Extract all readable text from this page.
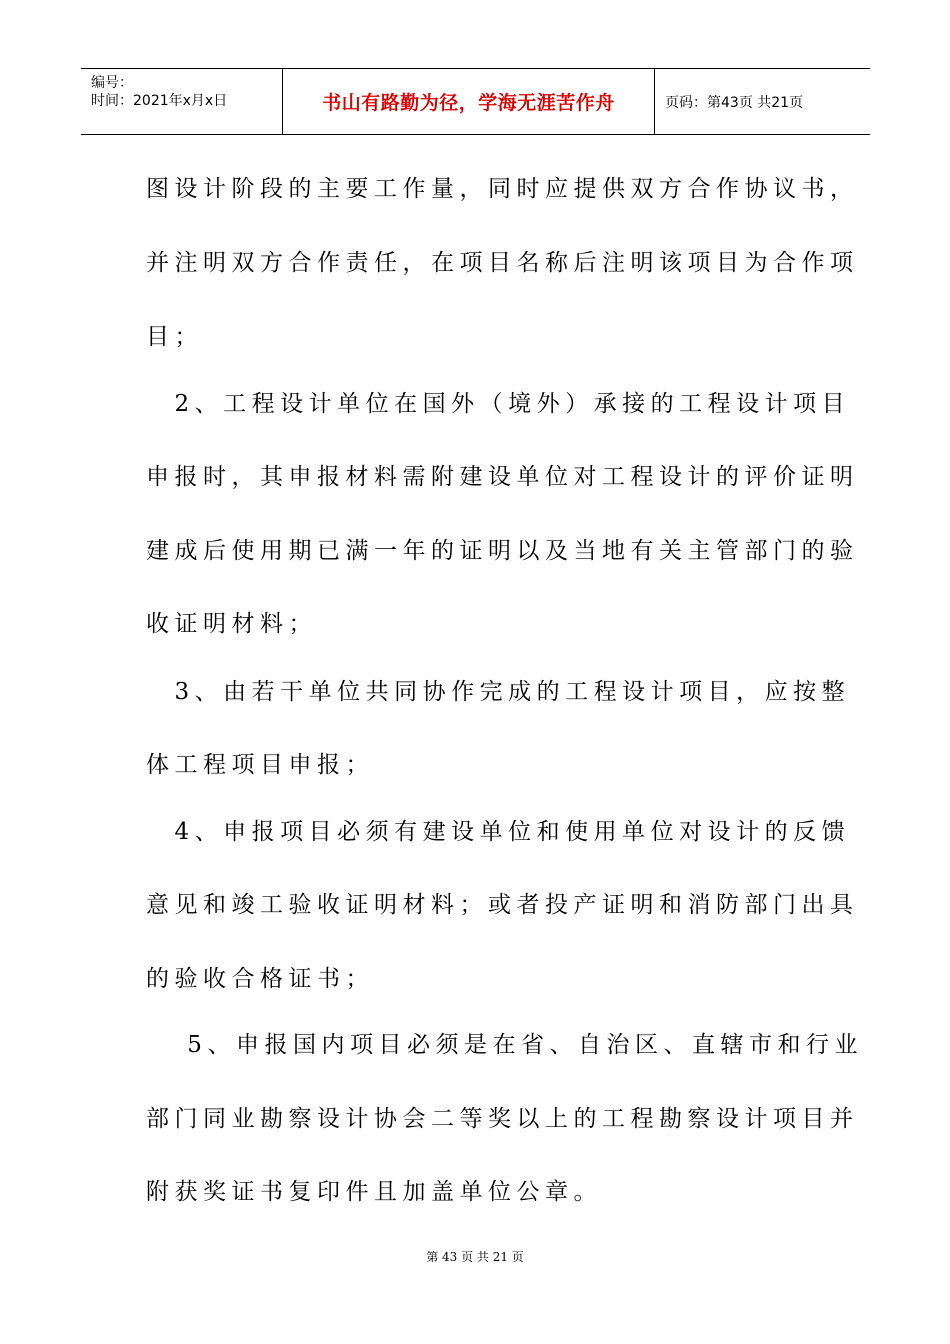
编号：
时间：2021年x月x日	书山有路勤为径，学海无涯苦作舟	页码：第43页 共21页
图设计阶段的主要工作量，同时应提供双方合作协议书，
并注明双方合作责任，在项目名称后注明该项目为合作项
目；
　2、工程设计单位在国外（境外）承接的工程设计项目
申报时，其申报材料需附建设单位对工程设计的评价证明
建成后使用期已满一年的证明以及当地有关主管部门的验
收证明材料；
　3、由若干单位共同协作完成的工程设计项目，应按整
体工程项目申报；
　4、申报项目必须有建设单位和使用单位对设计的反馈
意见和竣工验收证明材料；或者投产证明和消防部门出具
的验收合格证书；
　 5、申报国内项目必须是在省、自治区、直辖市和行业
部门同业勘察设计协会二等奖以上的工程勘察设计项目并
附获奖证书复印件且加盖单位公章。
第 43 页 共 21 页
